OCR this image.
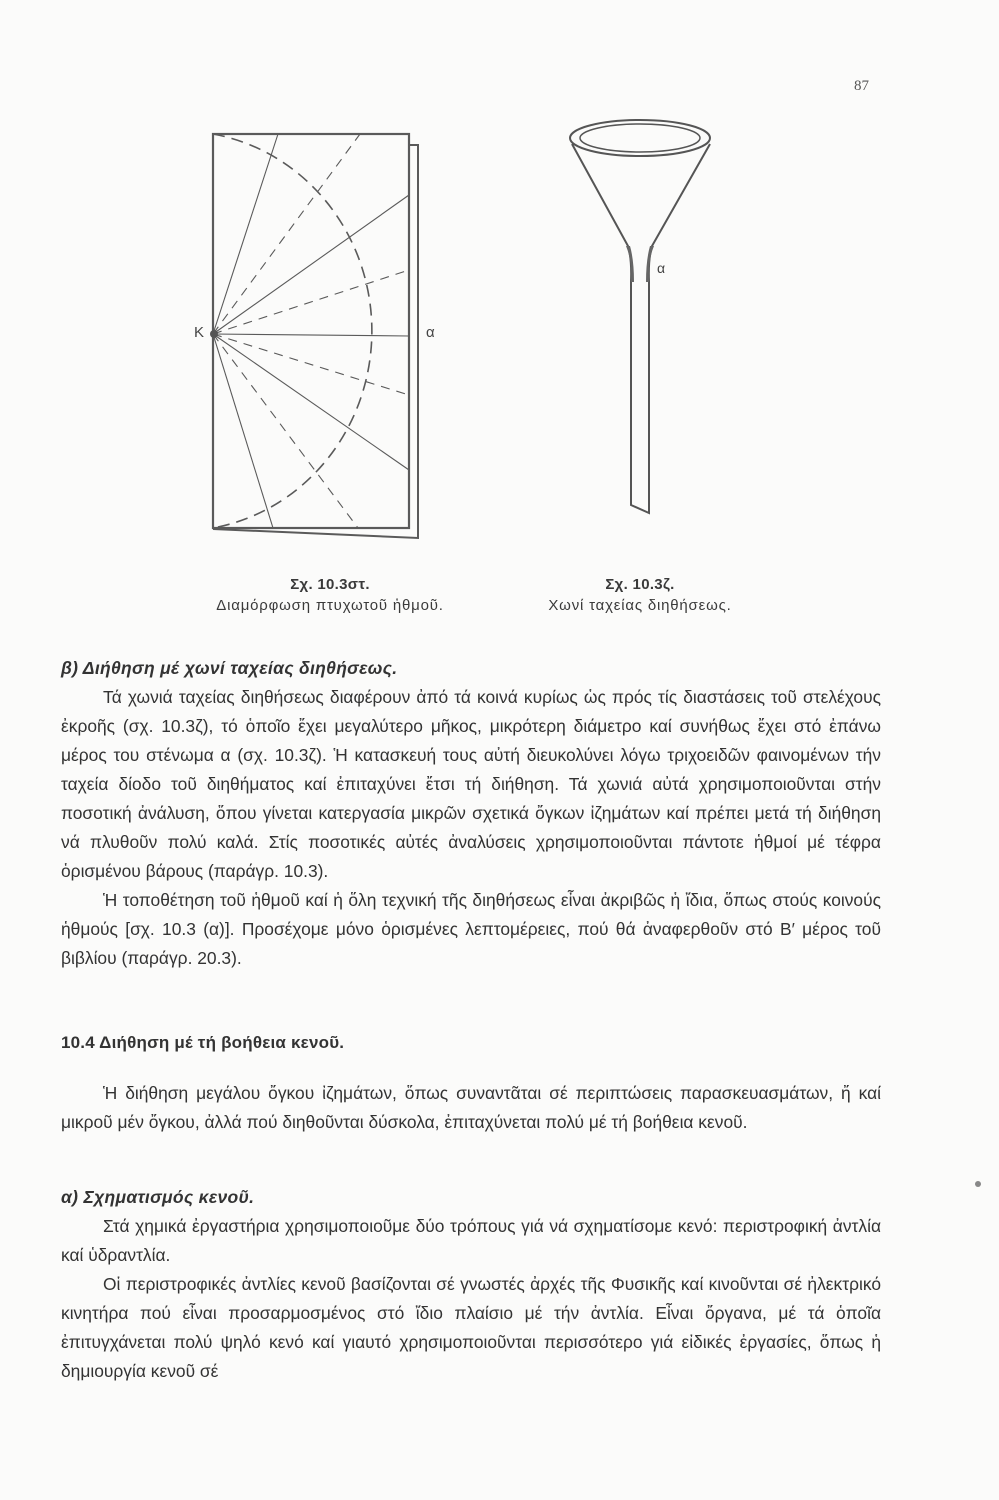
87
Κ	α
α
Σχ. 10.3στ.
Διαμόρφωση πτυχωτοῦ ἡθμοῦ.
Σχ. 10.3ζ.
Χωνί ταχείας διηθήσεως.

β) Διήθηση μέ χωνί ταχείας διηθήσεως.

Τά χωνιά ταχείας διηθήσεως διαφέρουν ἀπό τά κοινά κυρίως ὡς πρός τίς διαστάσεις τοῦ στελέχους ἐκροῆς (σχ. 10.3ζ), τό ὁποῖο ἔχει μεγαλύτερο μῆκος, μικρότερη διάμετρο καί συνήθως ἔχει στό ἐπάνω μέρος του στένωμα α (σχ. 10.3ζ). Ἡ κατασκευή τους αὐτή διευκολύνει λόγω τριχοειδῶν φαινομένων τήν ταχεία δίοδο τοῦ διηθήματος καί ἐπιταχύνει ἔτσι τή διήθηση. Τά χωνιά αὐτά χρησιμοποιοῦνται στήν ποσοτική ἀνάλυση, ὅπου γίνεται κατεργασία μικρῶν σχετικά ὄγκων ἰζημάτων καί πρέπει μετά τή διήθηση νά πλυθοῦν πολύ καλά. Στίς ποσοτικές αὐτές ἀναλύσεις χρησιμοποιοῦνται πάντοτε ἡθμοί μέ τέφρα ὁρισμένου βάρους (παράγρ. 10.3).

Ἡ τοποθέτηση τοῦ ἡθμοῦ καί ἡ ὅλη τεχνική τῆς διηθήσεως εἶναι ἀκριβῶς ἡ ἴδια, ὅπως στούς κοινούς ἡθμούς [σχ. 10.3 (α)]. Προσέχομε μόνο ὁρισμένες λεπτομέρειες, πού θά ἀναφερθοῦν στό Β′ μέρος τοῦ βιβλίου (παράγρ. 20.3).

10.4 Διήθηση μέ τή βοήθεια κενοῦ.

Ἡ διήθηση μεγάλου ὄγκου ἰζημάτων, ὅπως συναντᾶται σέ περιπτώσεις παρασκευασμάτων, ἤ καί μικροῦ μέν ὄγκου, ἀλλά πού διηθοῦνται δύσκολα, ἐπιταχύνεται πολύ μέ τή βοήθεια κενοῦ.

α) Σχηματισμός κενοῦ.

Στά χημικά ἐργαστήρια χρησιμοποιοῦμε δύο τρόπους γιά νά σχηματίσομε κενό: περιστροφική ἀντλία καί ὑδραντλία.

Οἱ περιστροφικές ἀντλίες κενοῦ βασίζονται σέ γνωστές ἀρχές τῆς Φυσικῆς καί κινοῦνται σέ ἠλεκτρικό κινητήρα πού εἶναι προσαρμοσμένος στό ἴδιο πλαίσιο μέ τήν ἀντλία. Εἶναι ὄργανα, μέ τά ὁποῖα ἐπιτυγχάνεται πολύ ψηλό κενό καί γιαυτό χρησιμοποιοῦνται περισσότερο γιά εἰδικές ἐργασίες, ὅπως ἡ δημιουργία κενοῦ σέ
